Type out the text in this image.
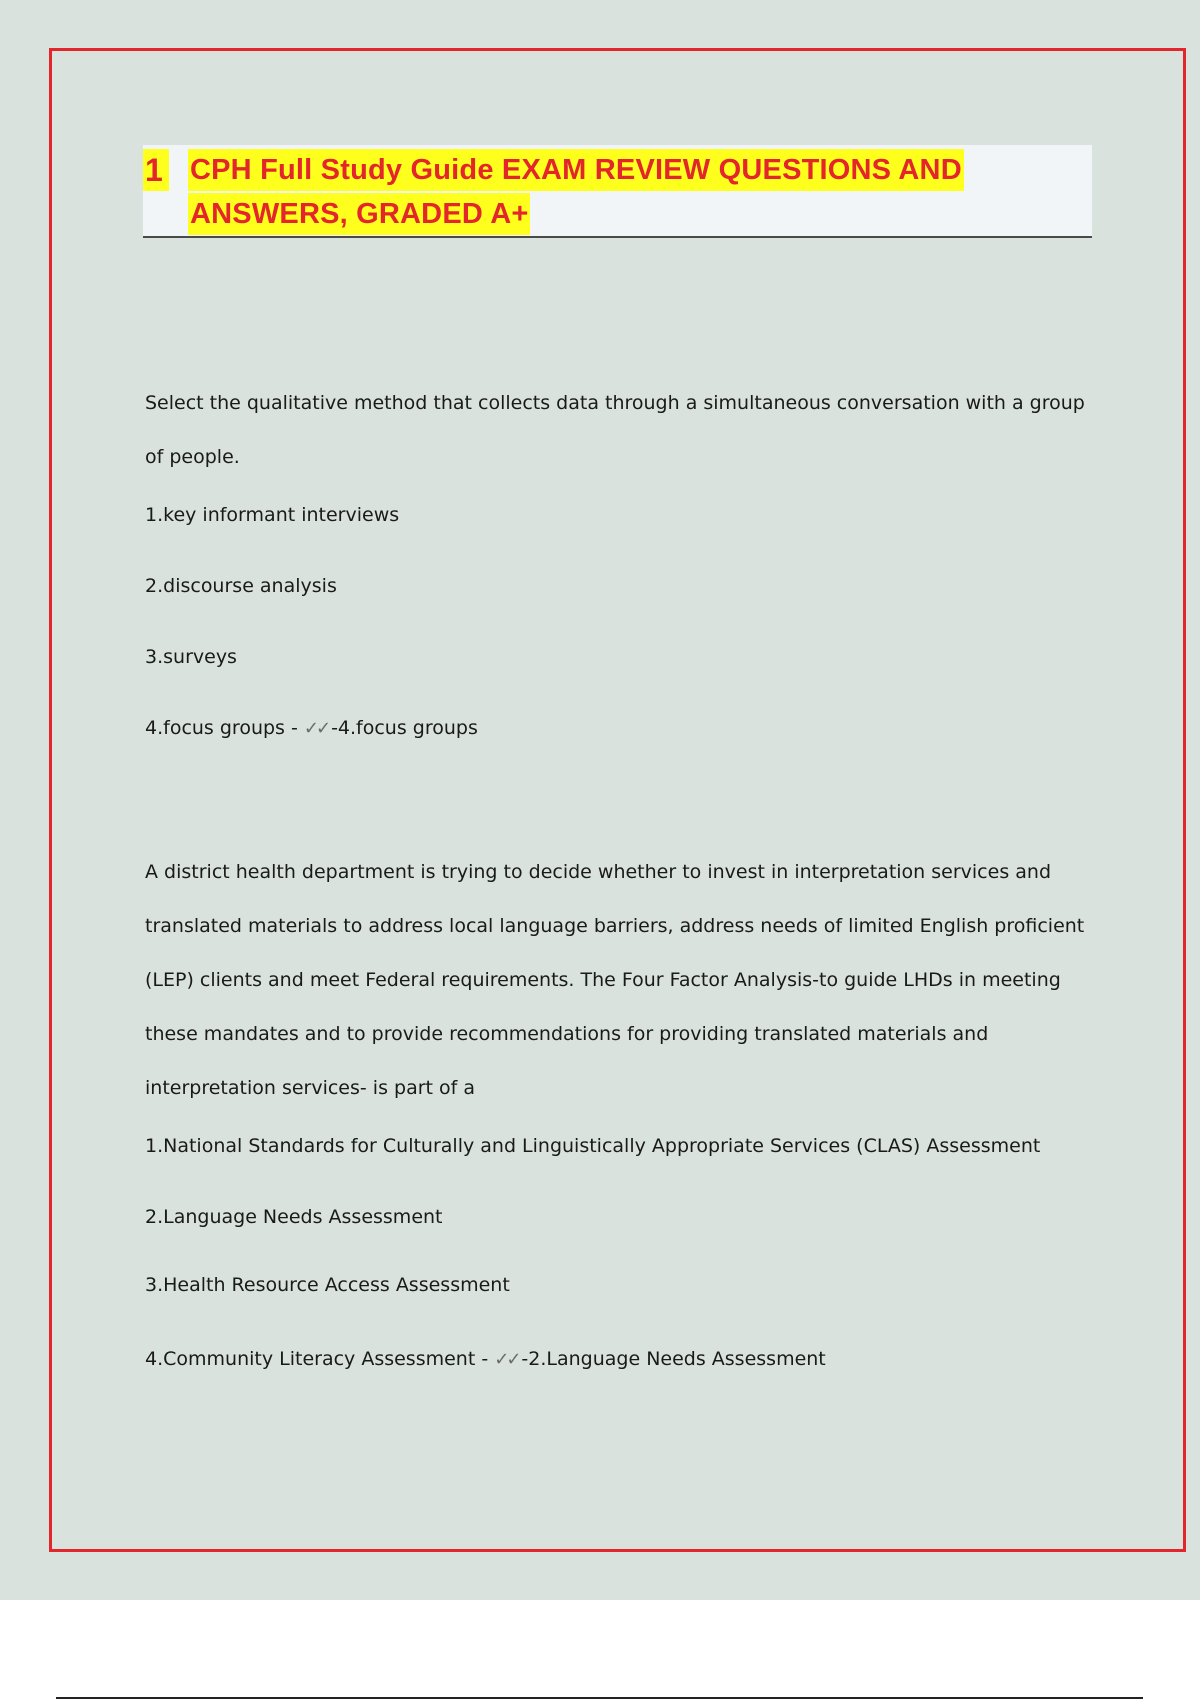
1 CPH Full Study Guide EXAM REVIEW QUESTIONS AND
ANSWERS, GRADED A+

Select the qualitative method that collects data through a simultaneous conversation with a group of people.

1.key informant interviews

2.discourse analysis

3.surveys

4.focus groups - ✓✓ -4.focus groups

A district health department is trying to decide whether to invest in interpretation services and translated materials to address local language barriers, address needs of limited English proficient (LEP) clients and meet Federal requirements. The Four Factor Analysis-to guide LHDs in meeting these mandates and to provide recommendations for providing translated materials and interpretation services- is part of a

1.National Standards for Culturally and Linguistically Appropriate Services (CLAS) Assessment

2.Language Needs Assessment

3.Health Resource Access Assessment

4.Community Literacy Assessment - ✓✓ -2.Language Needs Assessment
